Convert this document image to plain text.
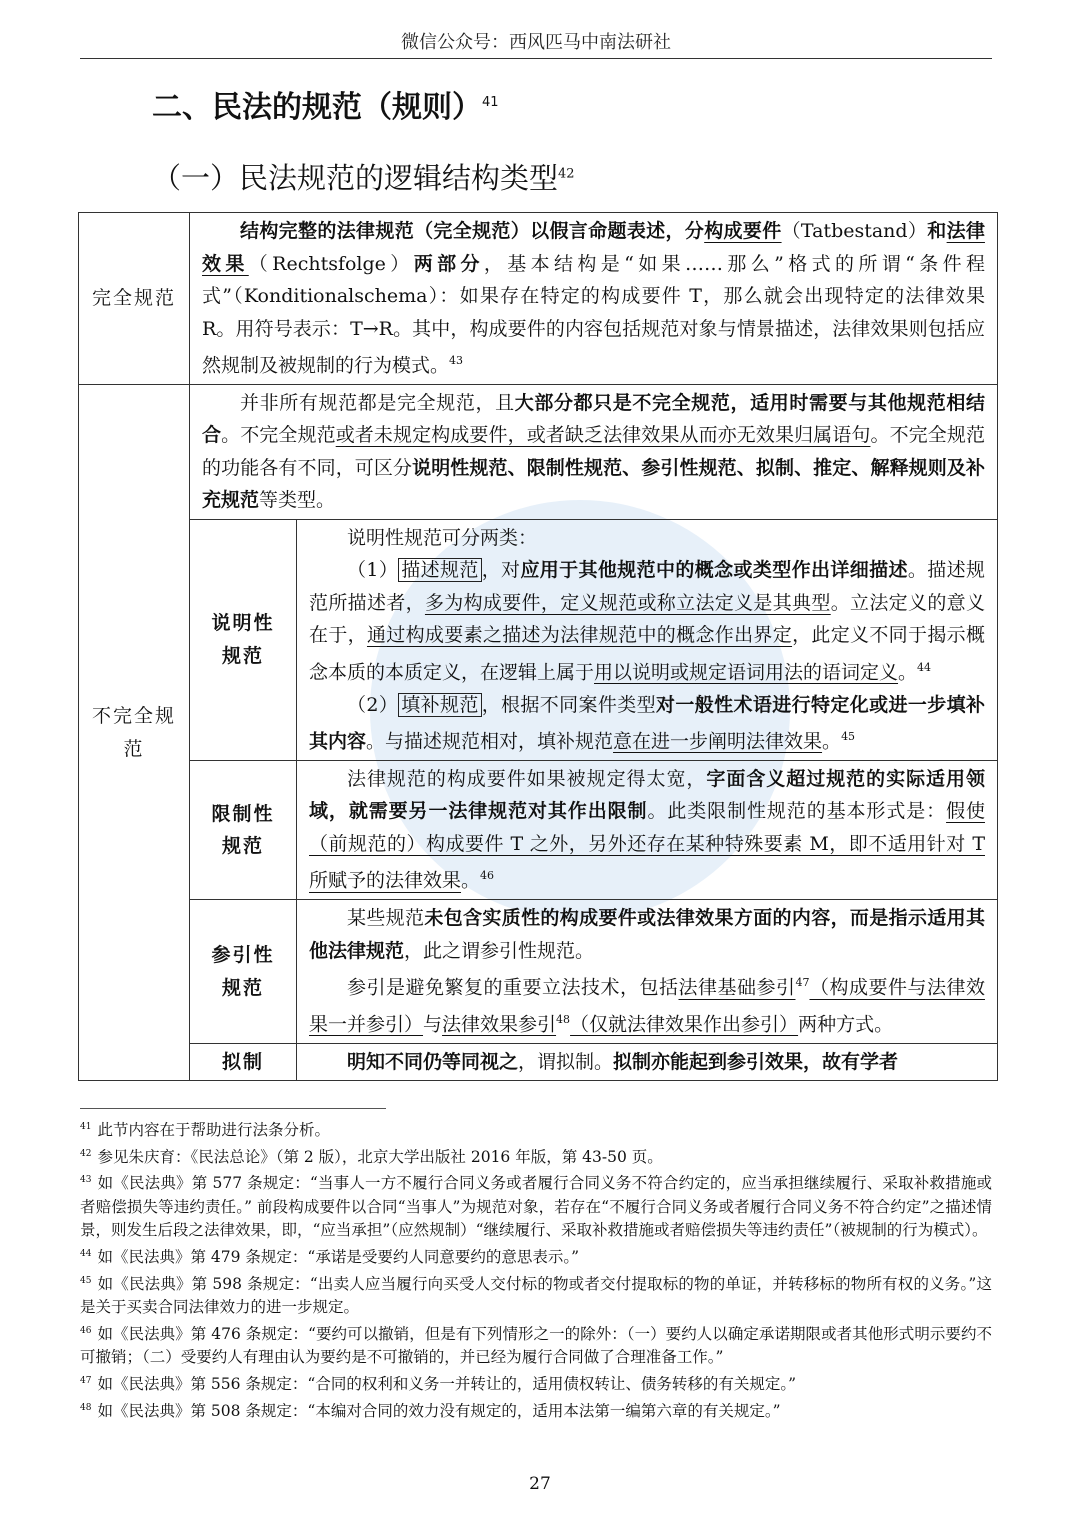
微信公众号：西风匹马中南法研社
二、民法的规范（规则）$^{41}$
（一）民法规范的逻辑结构类型$^{42}$
完全规范	结构完整的法律规范（完全规范）以假言命题表述，分构成要件（Tatbestand）和法律效果（Rechtsfolge）两部分，基本结构是“如果……那么”格式的所谓“条件程式”（Konditionalschema）：如果存在特定的构成要件 T，那么就会出现特定的法律效果 R。用符号表示：T→R。其中，构成要件的内容包括规范对象与情景描述，法律效果则包括应然规制及被规制的行为模式。$^{43}$

不完全规范	并非所有规范都是完全规范，且大部分都只是不完全规范，适用时需要与其他规范相结合。不完全规范或者未规定构成要件，或者缺乏法律效果从而亦无效果归属语句。不完全规范的功能各有不同，可区分说明性规范、限制性规范、参引性规范、拟制、推定、解释规则及补充规范等类型。	

	说明性规范	说明性规范可分两类：

（1） 描述规范 ，对应用于其他规范中的概念或类型作出详细描述。描述规范所描述者，多为构成要件，定义规范或称立法定义是其典型。立法定义的意义在于，通过构成要素之描述为法律规范中的概念作出界定，此定义不同于揭示概念本质的本质定义，在逻辑上属于用以说明或规定语词用法的语词定义。$^{44}$

（2） 填补规范 ，根据不同案件类型对一般性术语进行特定化或进一步填补其内容。与描述规范相对，填补规范意在进一步阐明法律效果。$^{45}$

	限制性规范	法律规范的构成要件如果被规定得太宽，字面含义超过规范的实际适用领域，就需要另一法律规范对其作出限制。此类限制性规范的基本形式是：假使（前规范的）构成要件 T 之外，另外还存在某种特殊要素 M，即不适用针对 T 所赋予的法律效果。$^{46}$

	参引性规范	某些规范未包含实质性的构成要件或法律效果方面的内容，而是指示适用其他法律规范，此之谓参引性规范。

参引是避免繁复的重要立法技术，包括法律基础参引$^{47}$（构成要件与法律效果一并参引）与法律效果参引$^{48}$（仅就法律效果作出参引）两种方式。

	拟制	明知不同仍等同视之，谓拟制。拟制亦能起到参引效果，故有学者

$^{41}$ 此节内容在于帮助进行法条分析。

$^{42}$ 参见朱庆育：《民法总论》（第 2 版），北京大学出版社 2016 年版，第 43-50 页。

$^{43}$ 如《民法典》第 577 条规定：“当事人一方不履行合同义务或者履行合同义务不符合约定的，应当承担继续履行、采取补救措施或者赔偿损失等违约责任。” 前段构成要件以合同“当事人”为规范对象，若存在“不履行合同义务或者履行合同义务不符合约定”之描述情景，则发生后段之法律效果，即，“应当承担”（应然规制）“继续履行、采取补救措施或者赔偿损失等违约责任”（被规制的行为模式）。

$^{44}$ 如《民法典》第 479 条规定：“承诺是受要约人同意要约的意思表示。”

$^{45}$ 如《民法典》第 598 条规定：“出卖人应当履行向买受人交付标的物或者交付提取标的物的单证，并转移标的物所有权的义务。”这是关于买卖合同法律效力的进一步规定。

$^{46}$ 如《民法典》第 476 条规定：“要约可以撤销，但是有下列情形之一的除外：（一）要约人以确定承诺期限或者其他形式明示要约不可撤销；（二）受要约人有理由认为要约是不可撤销的，并已经为履行合同做了合理准备工作。”

$^{47}$ 如《民法典》第 556 条规定：“合同的权利和义务一并转让的，适用债权转让、债务转移的有关规定。”

$^{48}$ 如《民法典》第 508 条规定：“本编对合同的效力没有规定的，适用本法第一编第六章的有关规定。”

27
